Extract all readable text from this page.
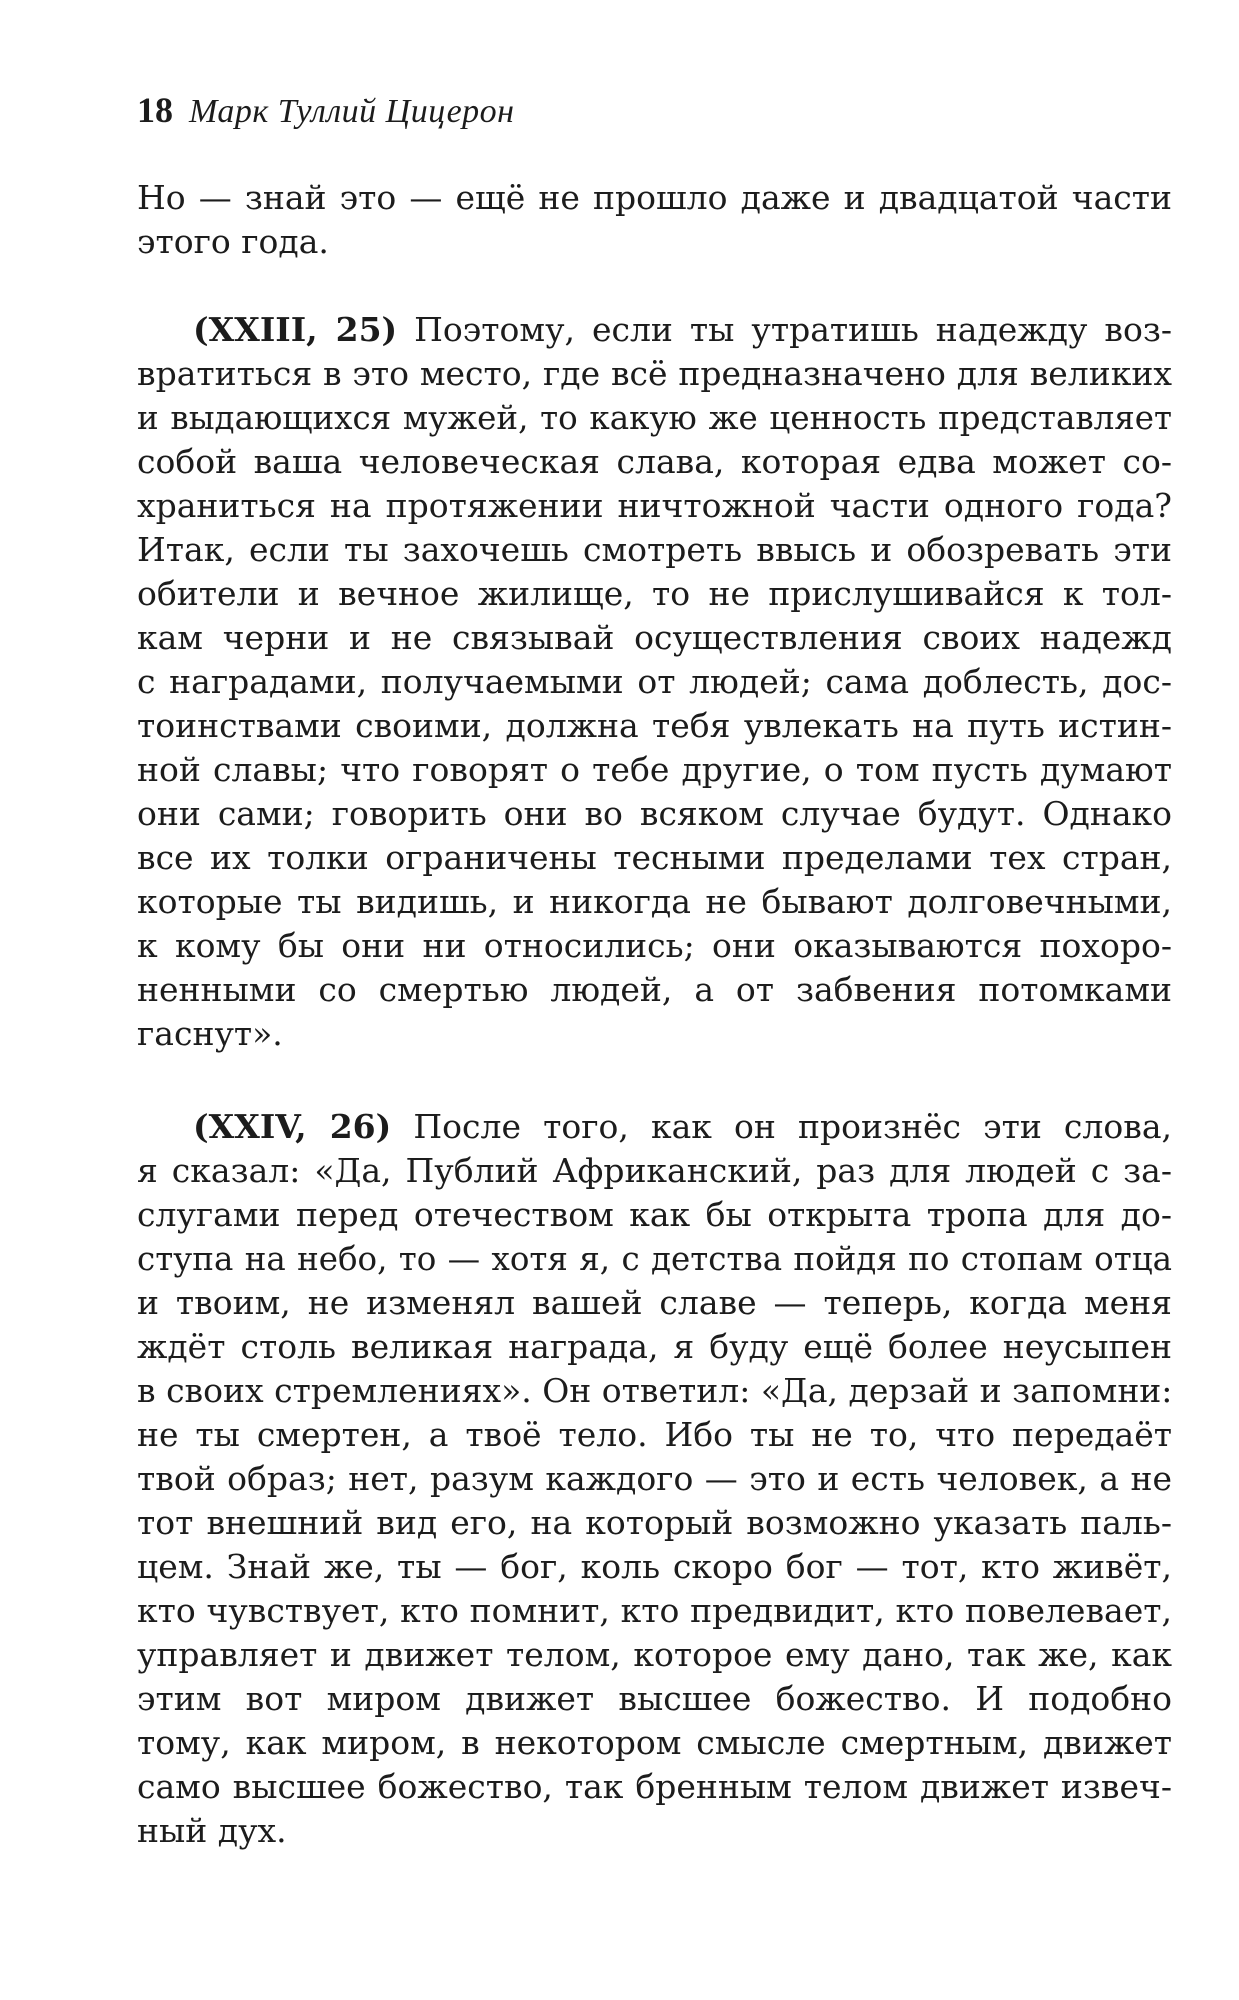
18 Марк Туллий Цицерон
Но — знай это — ещё не прошло даже и двадцатой части
этого года.
(XXIII, 25) Поэтому, если ты утратишь надежду воз-
вратиться в это место, где всё предназначено для великих
и выдающихся мужей, то какую же ценность представляет
собой ваша человеческая слава, которая едва может со-
храниться на протяжении ничтожной части одного года?
Итак, если ты захочешь смотреть ввысь и обозревать эти
обители и вечное жилище, то не прислушивайся к тол-
кам черни и не связывай осуществления своих надежд
с наградами, получаемыми от людей; сама доблесть, дос-
тоинствами своими, должна тебя увлекать на путь истин-
ной славы; что говорят о тебе другие, о том пусть думают
они сами; говорить они во всяком случае будут. Однако
все их толки ограничены тесными пределами тех стран,
которые ты видишь, и никогда не бывают долговечными,
к кому бы они ни относились; они оказываются похоро-
ненными со смертью людей, а от забвения потомками
гаснут».
(XXIV, 26) После того, как он произнёс эти слова,
я сказал: «Да, Публий Африканский, раз для людей с за-
слугами перед отечеством как бы открыта тропа для до-
ступа на небо, то — хотя я, с детства пойдя по стопам отца
и твоим, не изменял вашей славе — теперь, когда меня
ждёт столь великая награда, я буду ещё более неусыпен
в своих стремлениях». Он ответил: «Да, дерзай и запомни:
не ты смертен, а твоё тело. Ибо ты не то, что передаёт
твой образ; нет, разум каждого — это и есть человек, а не
тот внешний вид его, на который возможно указать паль-
цем. Знай же, ты — бог, коль скоро бог — тот, кто живёт,
кто чувствует, кто помнит, кто предвидит, кто повелевает,
управляет и движет телом, которое ему дано, так же, как
этим вот миром движет высшее божество. И подобно
тому, как миром, в некотором смысле смертным, движет
само высшее божество, так бренным телом движет извеч-
ный дух.
